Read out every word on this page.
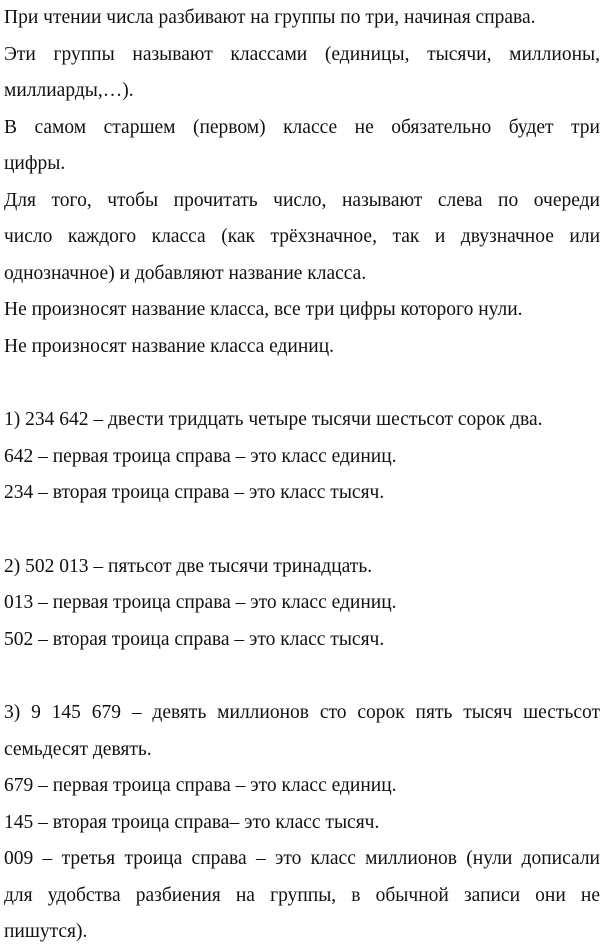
При чтении числа разбивают на группы по три, начиная справа.
Эти группы называют классами (единицы, тысячи, миллионы,
миллиарды,…).
В самом старшем (первом) классе не обязательно будет три
цифры.
Для того, чтобы прочитать число, называют слева по очереди
число каждого класса (как трёхзначное, так и двузначное или
однозначное) и добавляют название класса.
Не произносят название класса, все три цифры которого нули.
Не произносят название класса единиц.
1) 234 642 – двести тридцать четыре тысячи шестьсот сорок два.
642 – первая троица справа – это класс единиц.
234 – вторая троица справа – это класс тысяч.
2) 502 013 – пятьсот две тысячи тринадцать.
013 – первая троица справа – это класс единиц.
502 – вторая троица справа – это класс тысяч.
3) 9 145 679 – девять миллионов сто сорок пять тысяч шестьсот
семьдесят девять.
679 – первая троица справа – это класс единиц.
145 – вторая троица справа– это класс тысяч.
009 – третья троица справа – это класс миллионов (нули дописали
для удобства разбиения на группы, в обычной записи они не
пишутся).
